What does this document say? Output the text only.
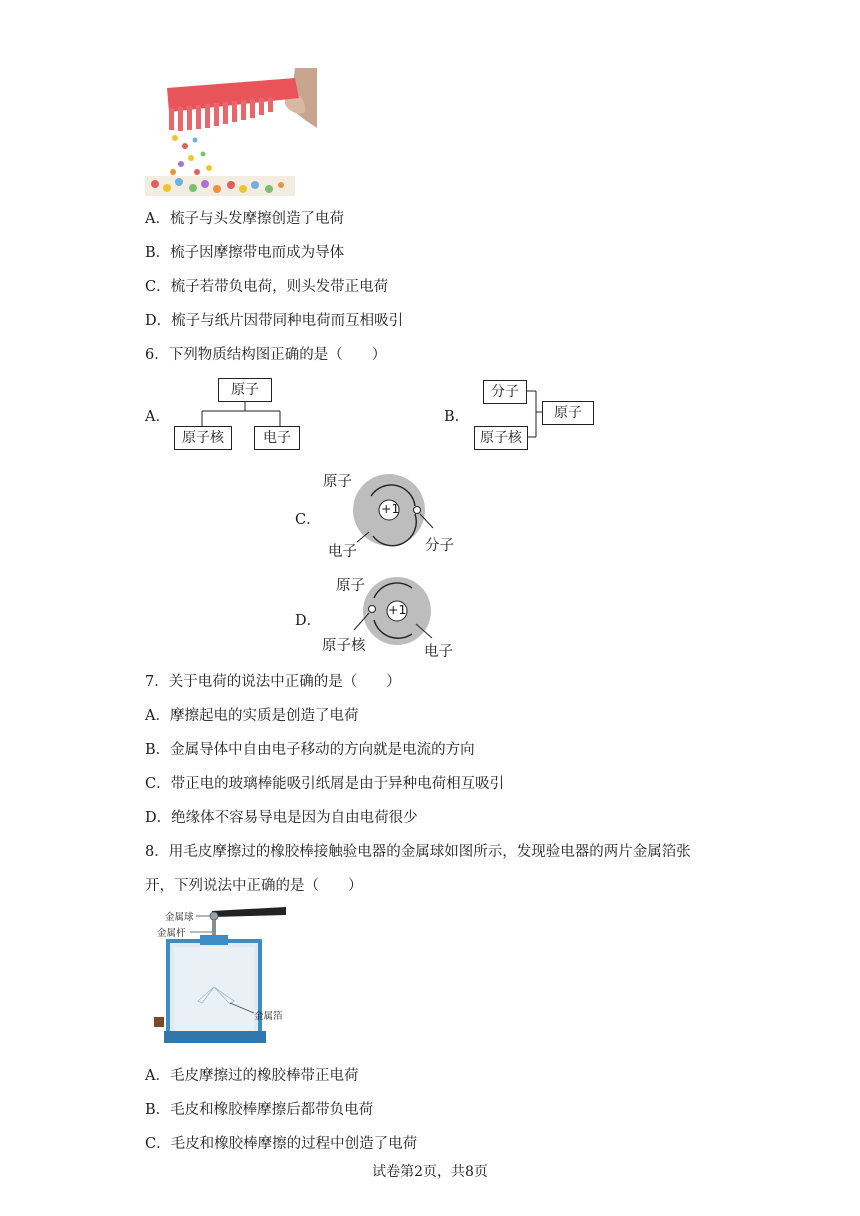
A．梳子与头发摩擦创造了电荷
B．梳子因摩擦带电而成为导体
C．梳子若带负电荷，则头发带正电荷
D．梳子与纸片因带同种电荷而互相吸引
6．下列物质结构图正确的是（　　）
A．
原子
原子核	电子
B．
分子
原子核
原子
C．
+1
原子
电子	分子
D．
+1
原子
原子核	电子
7．关于电荷的说法中正确的是（　　）
A．摩擦起电的实质是创造了电荷
B．金属导体中自由电子移动的方向就是电流的方向
C．带正电的玻璃棒能吸引纸屑是由于异种电荷相互吸引
D．绝缘体不容易导电是因为自由电荷很少
8．用毛皮摩擦过的橡胶棒接触验电器的金属球如图所示，发现验电器的两片金属箔张
开，下列说法中正确的是（　　）
金属球
金属杆
金属箔
A．毛皮摩擦过的橡胶棒带正电荷
B．毛皮和橡胶棒摩擦后都带负电荷
C．毛皮和橡胶棒摩擦的过程中创造了电荷
试卷第2页，共8页
